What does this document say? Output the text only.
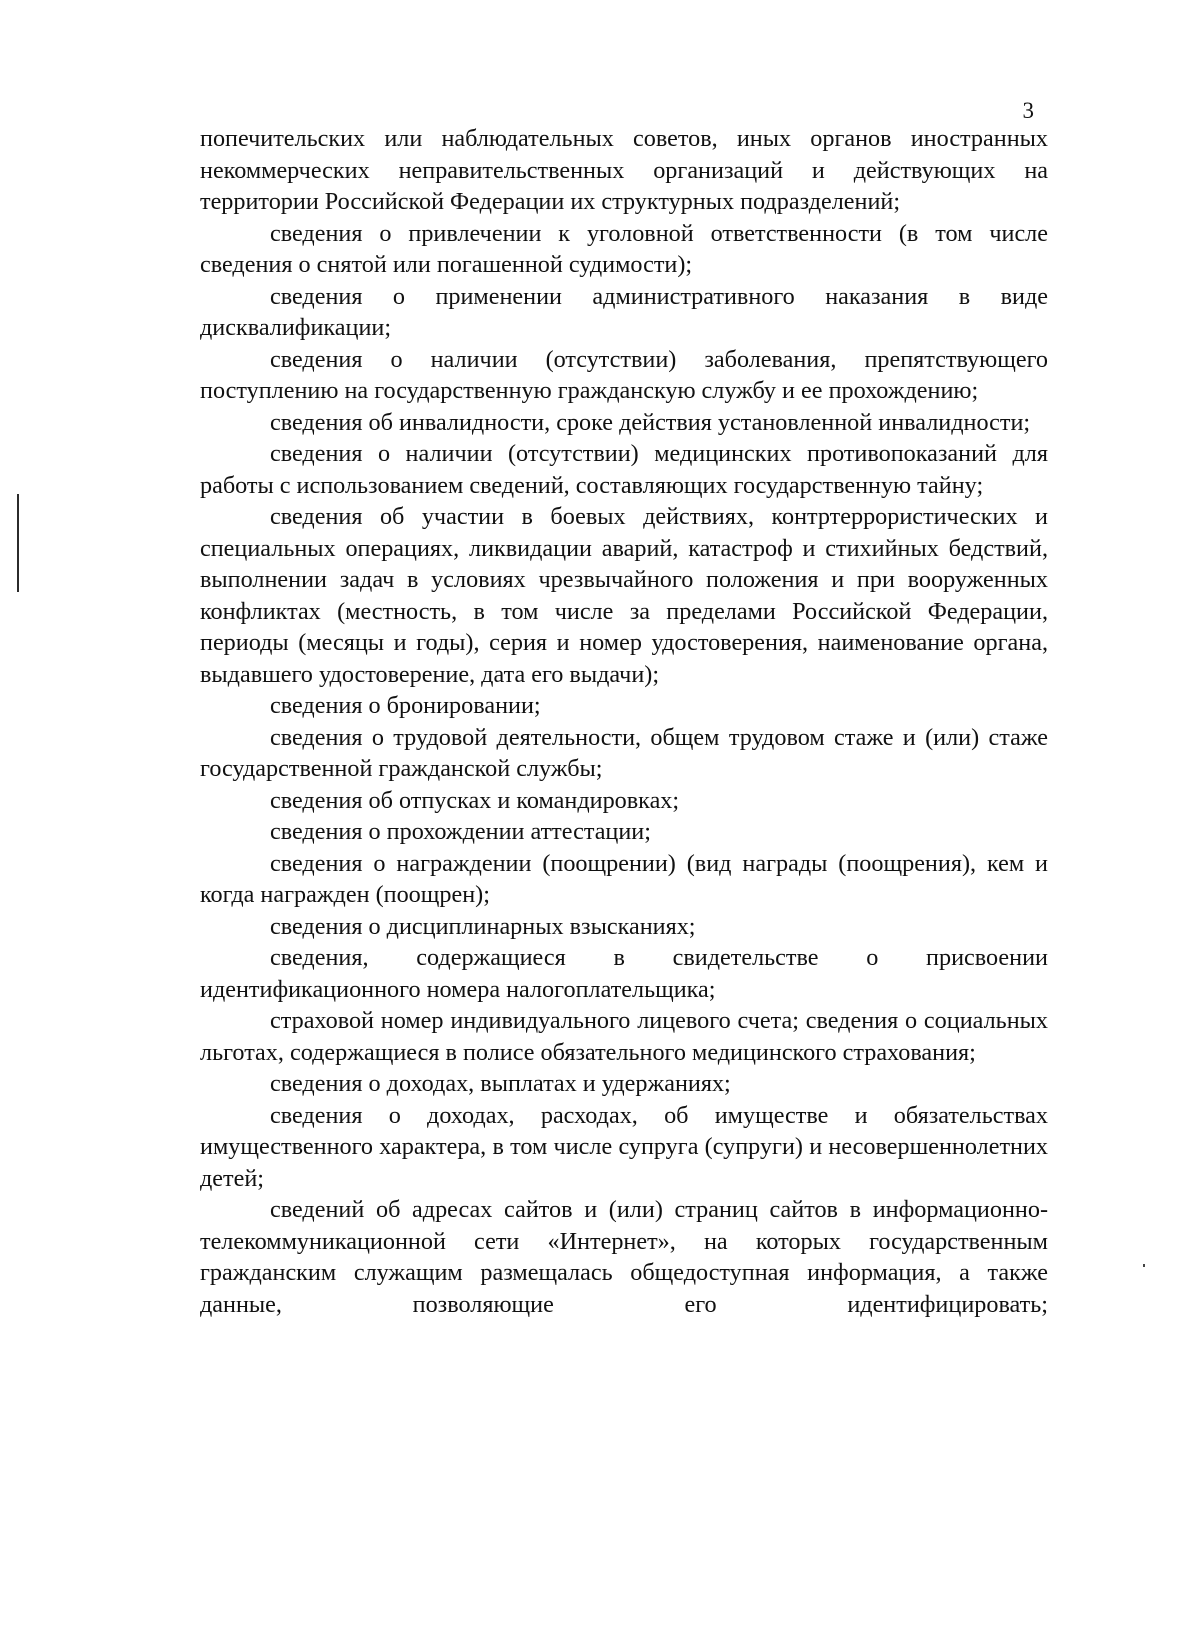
3

попечительских или наблюдательных советов, иных органов иностранных некоммерческих неправительственных организаций и действующих на территории Российской Федерации их структурных подразделений;

сведения о привлечении к уголовной ответственности (в том числе сведения о снятой или погашенной судимости);

сведения о применении административного наказания в виде дисквалификации;

сведения о наличии (отсутствии) заболевания, препятствующего поступлению на государственную гражданскую службу и ее прохождению;

сведения об инвалидности, сроке действия установленной инвалидности;

сведения о наличии (отсутствии) медицинских противопоказаний для работы с использованием сведений, составляющих государственную тайну;

сведения об участии в боевых действиях, контртеррористических и специальных операциях, ликвидации аварий, катастроф и стихийных бедствий, выполнении задач в условиях чрезвычайного положения и при вооруженных конфликтах (местность, в том числе за пределами Российской Федерации, периоды (месяцы и годы), серия и номер удостоверения, наименование органа, выдавшего удостоверение, дата его выдачи);

сведения о бронировании;

сведения о трудовой деятельности, общем трудовом стаже и (или) стаже государственной гражданской службы;

сведения об отпусках и командировках;

сведения о прохождении аттестации;

сведения о награждении (поощрении) (вид награды (поощрения), кем и когда награжден (поощрен);

сведения о дисциплинарных взысканиях;

сведения, содержащиеся в свидетельстве о присвоении идентификационного номера налогоплательщика;

страховой номер индивидуального лицевого счета; сведения о социальных льготах, содержащиеся в полисе обязательного медицинского страхования;

сведения о доходах, выплатах и удержаниях;

сведения о доходах, расходах, об имуществе и обязательствах имущественного характера, в том числе супруга (супруги) и несовершеннолетних детей;

сведений об адресах сайтов и (или) страниц сайтов в информационно-телекоммуникационной сети «Интернет», на которых государственным гражданским служащим размещалась общедоступная информация, а также данные, позволяющие его идентифицировать;
